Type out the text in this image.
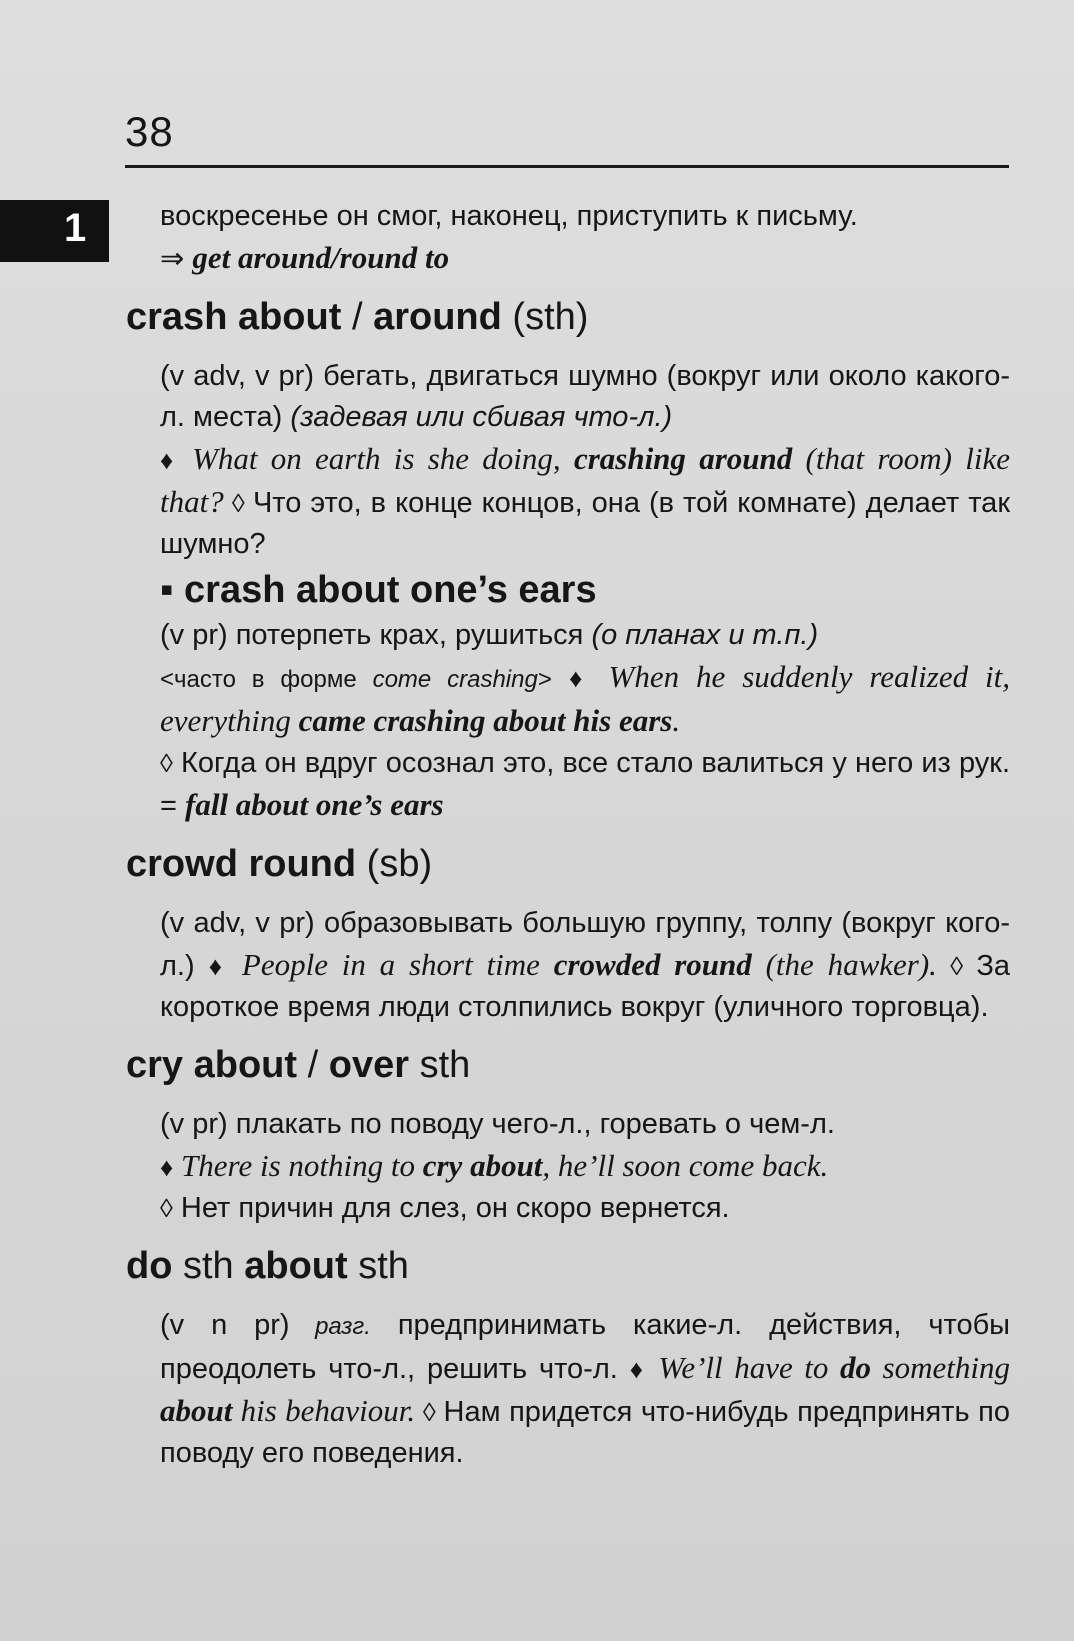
38
1	воскресенье он смог, наконец, приступить к письму.

⇒ get around/round to

crash about / around (sth)

(v adv, v pr) бегать, двигаться шумно (вокруг или около какого-л. места) (задевая или сбивая что-л.)
♦ What on earth is she doing, crashing around (that room) like that? ◊ Что это, в конце концов, она (в той комнате) делает так шумно?

▪ crash about one’s ears

(v pr) потерпеть крах, рушиться (о планах и т.п.)
<часто в форме come crashing> ♦ When he suddenly realized it, everything came crashing about his ears.
◊ Когда он вдруг осознал это, все стало валиться у него из рук. = fall about one’s ears

crowd round (sb)

(v adv, v pr) образовывать большую группу, толпу (вокруг кого-л.) ♦ People in a short time crowded round (the hawker). ◊ За короткое время люди столпились вокруг (уличного торговца).

cry about / over sth

(v pr) плакать по поводу чего-л., горевать о чем-л.
♦ There is nothing to cry about, he’ll soon come back.
◊ Нет причин для слез, он скоро вернется.

do sth about sth

(v n pr) разг. предпринимать какие-л. действия, чтобы преодолеть что-л., решить что-л. ♦ We’ll have to do something about his behaviour. ◊ Нам придется что-нибудь предпринять по поводу его поведения.
